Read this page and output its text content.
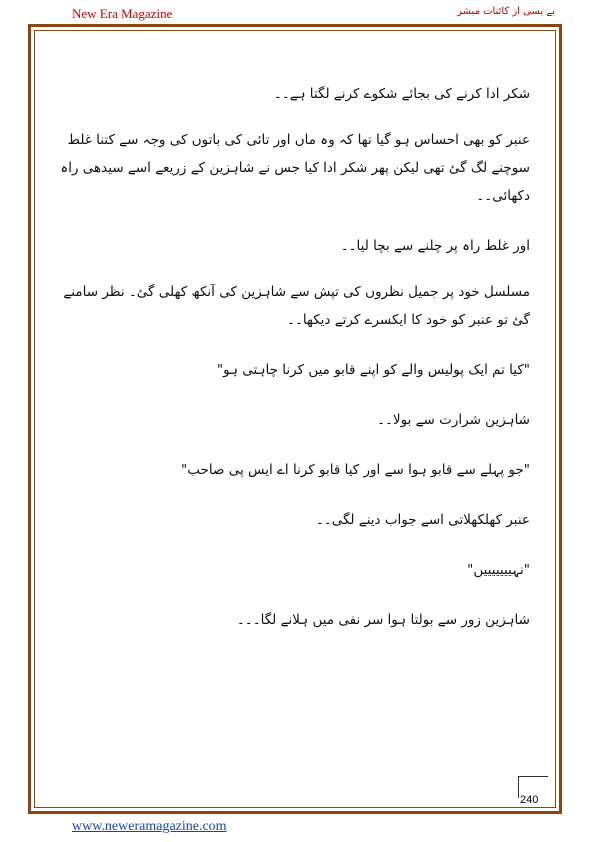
New Era Magazine	بے بسی از کائنات مبشر

شکر ادا کرنے کی بجائے شکوے کرنے لگتا ہے۔۔

عنبر کو بھی احساس ہو گیا تھا کہ وہ ماں اور تائی کی باتوں کی وجہ سے کتنا غلط سوچنے لگ گئ تھی لیکن پھر شکر ادا کیا جس نے شاہزین کے زریعے اسے سیدھی راہ دکھائی۔۔

اور غلط راہ پر چلنے سے بچا لیا۔۔

مسلسل خود پر جمیل نظروں کی تپش سے شاہزین کی آنکھ کھلی گئ۔ نظر سامنے گئ تو عنبر کو خود کا ایکسرے کرتے دیکھا۔۔

"کیا تم ایک پولیس والے کو اپنے قابو میں کرنا چاہتی ہو"

شاہزین شرارت سے بولا۔۔

"جو پہلے سے قابو ہوا سے اور کیا قابو کرنا اے ایس پی صاحب"

عنبر کھلکھلاتی اسے جواب دینے لگی۔۔

"نہیییییییں"

شاہزین زور سے بولتا ہوا سر نفی میں ہلانے لگا۔۔۔

240
www.neweramagazine.com
